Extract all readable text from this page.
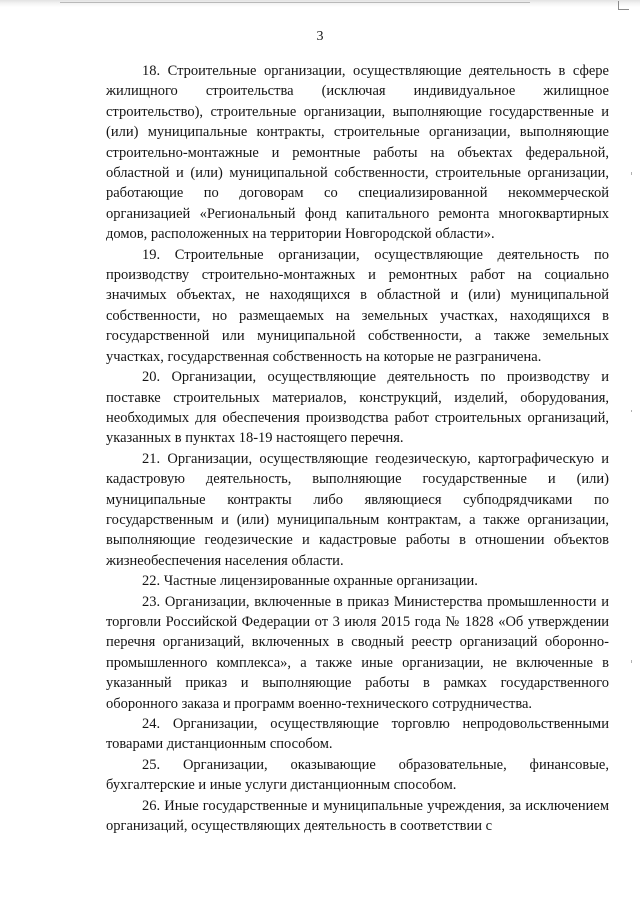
3

18. Строительные организации, осуществляющие деятельность в сфере жилищного строительства (исключая индивидуальное жилищное строительство), строительные организации, выполняющие государственные и (или) муниципальные контракты, строительные организации, выполняющие строительно-монтажные и ремонтные работы на объектах федеральной, областной и (или) муниципальной собственности, строительные организации, работающие по договорам со специализированной некоммерческой организацией «Региональный фонд капитального ремонта многоквартирных домов, расположенных на территории Новгородской области».

19. Строительные организации, осуществляющие деятельность по производству строительно-монтажных и ремонтных работ на социально значимых объектах, не находящихся в областной и (или) муниципальной собственности, но размещаемых на земельных участках, находящихся в государственной или муниципальной собственности, а также земельных участках, государственная собственность на которые не разграничена.

20. Организации, осуществляющие деятельность по производству и поставке строительных материалов, конструкций, изделий, оборудования, необходимых для обеспечения производства работ строительных организаций, указанных в пунктах 18-19 настоящего перечня.

21. Организации, осуществляющие геодезическую, картографическую и кадастровую деятельность, выполняющие государственные и (или) муниципальные контракты либо являющиеся субподрядчиками по государственным и (или) муниципальным контрактам, а также организации, выполняющие геодезические и кадастровые работы в отношении объектов жизнеобеспечения населения области.

22. Частные лицензированные охранные организации.

23. Организации, включенные в приказ Министерства промышленности и торговли Российской Федерации от 3 июля 2015 года № 1828 «Об утверждении перечня организаций, включенных в сводный реестр организаций оборонно-промышленного комплекса», а также иные организации, не включенные в указанный приказ и выполняющие работы в рамках государственного оборонного заказа и программ военно-технического сотрудничества.

24. Организации, осуществляющие торговлю непродовольственными товарами дистанционным способом.

25. Организации, оказывающие образовательные, финансовые, бухгалтерские и иные услуги дистанционным способом.

26. Иные государственные и муниципальные учреждения, за исключением организаций, осуществляющих деятельность в соответствии с
